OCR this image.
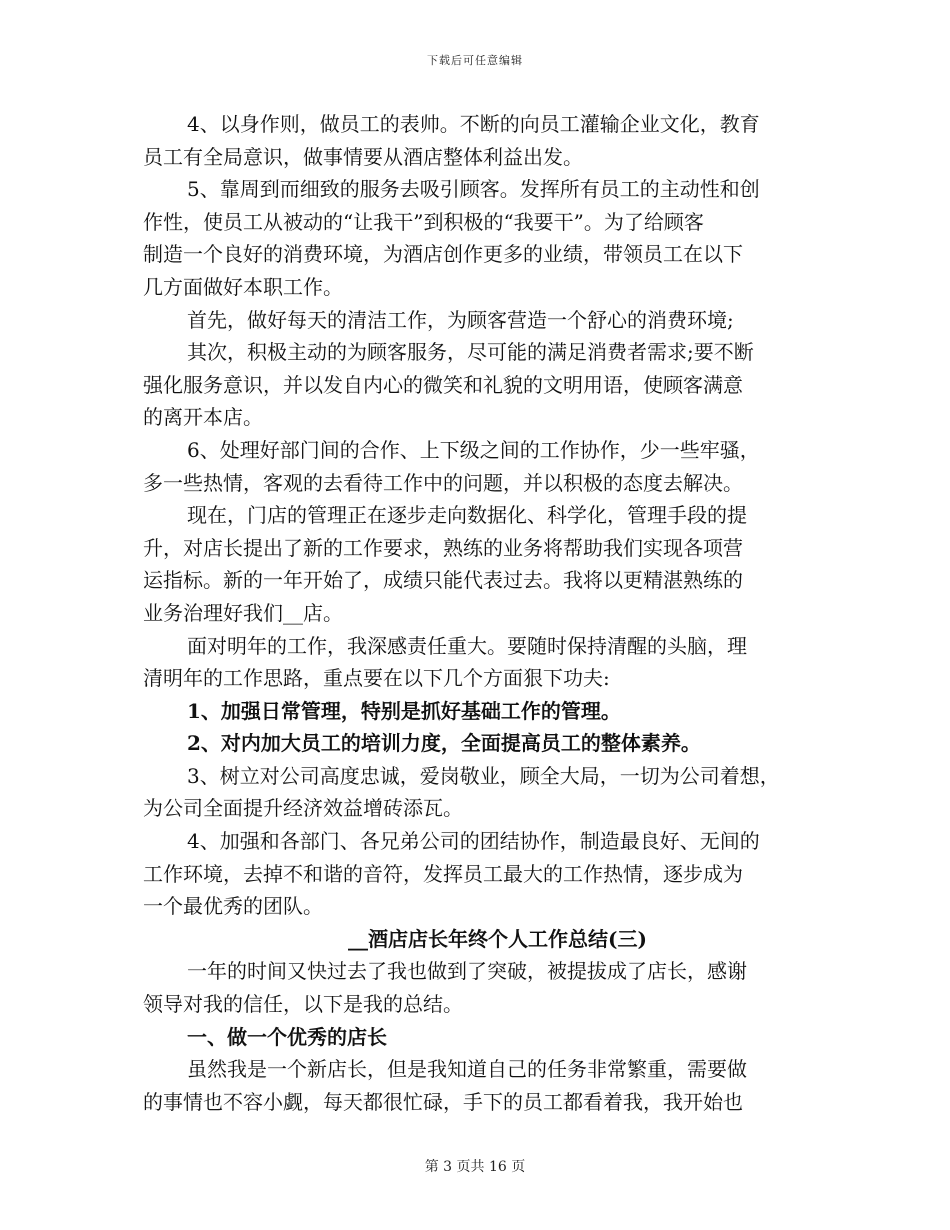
下载后可任意编辑
4、以身作则，做员工的表帅。不断的向员工灌输企业文化，教育
员工有全局意识，做事情要从酒店整体利益出发。
5、靠周到而细致的服务去吸引顾客。发挥所有员工的主动性和创
作性，使员工从被动的“让我干”到积极的“我要干”。为了给顾客
制造一个良好的消费环境，为酒店创作更多的业绩，带领员工在以下
几方面做好本职工作。
首先，做好每天的清洁工作，为顾客营造一个舒心的消费环境;
其次，积极主动的为顾客服务，尽可能的满足消费者需求;要不断
强化服务意识，并以发自内心的微笑和礼貌的文明用语，使顾客满意
的离开本店。
6、处理好部门间的合作、上下级之间的工作协作，少一些牢骚，
多一些热情，客观的去看待工作中的问题，并以积极的态度去解决。
现在，门店的管理正在逐步走向数据化、科学化，管理手段的提
升，对店长提出了新的工作要求，熟练的业务将帮助我们实现各项营
运指标。新的一年开始了，成绩只能代表过去。我将以更精湛熟练的
业务治理好我们__店。
面对明年的工作，我深感责任重大。要随时保持清醒的头脑，理
清明年的工作思路，重点要在以下几个方面狠下功夫:
1、加强日常管理，特别是抓好基础工作的管理。
2、对内加大员工的培训力度，全面提高员工的整体素养。
3、树立对公司高度忠诚，爱岗敬业，顾全大局，一切为公司着想，
为公司全面提升经济效益增砖添瓦。
4、加强和各部门、各兄弟公司的团结协作，制造最良好、无间的
工作环境，去掉不和谐的音符，发挥员工最大的工作热情，逐步成为
一个最优秀的团队。
__酒店店长年终个人工作总结(三)
一年的时间又快过去了我也做到了突破，被提拔成了店长，感谢
领导对我的信任，以下是我的总结。
一、做一个优秀的店长
虽然我是一个新店长，但是我知道自己的任务非常繁重，需要做
的事情也不容小觑，每天都很忙碌，手下的员工都看着我，我开始也
第 3 页共 16 页
